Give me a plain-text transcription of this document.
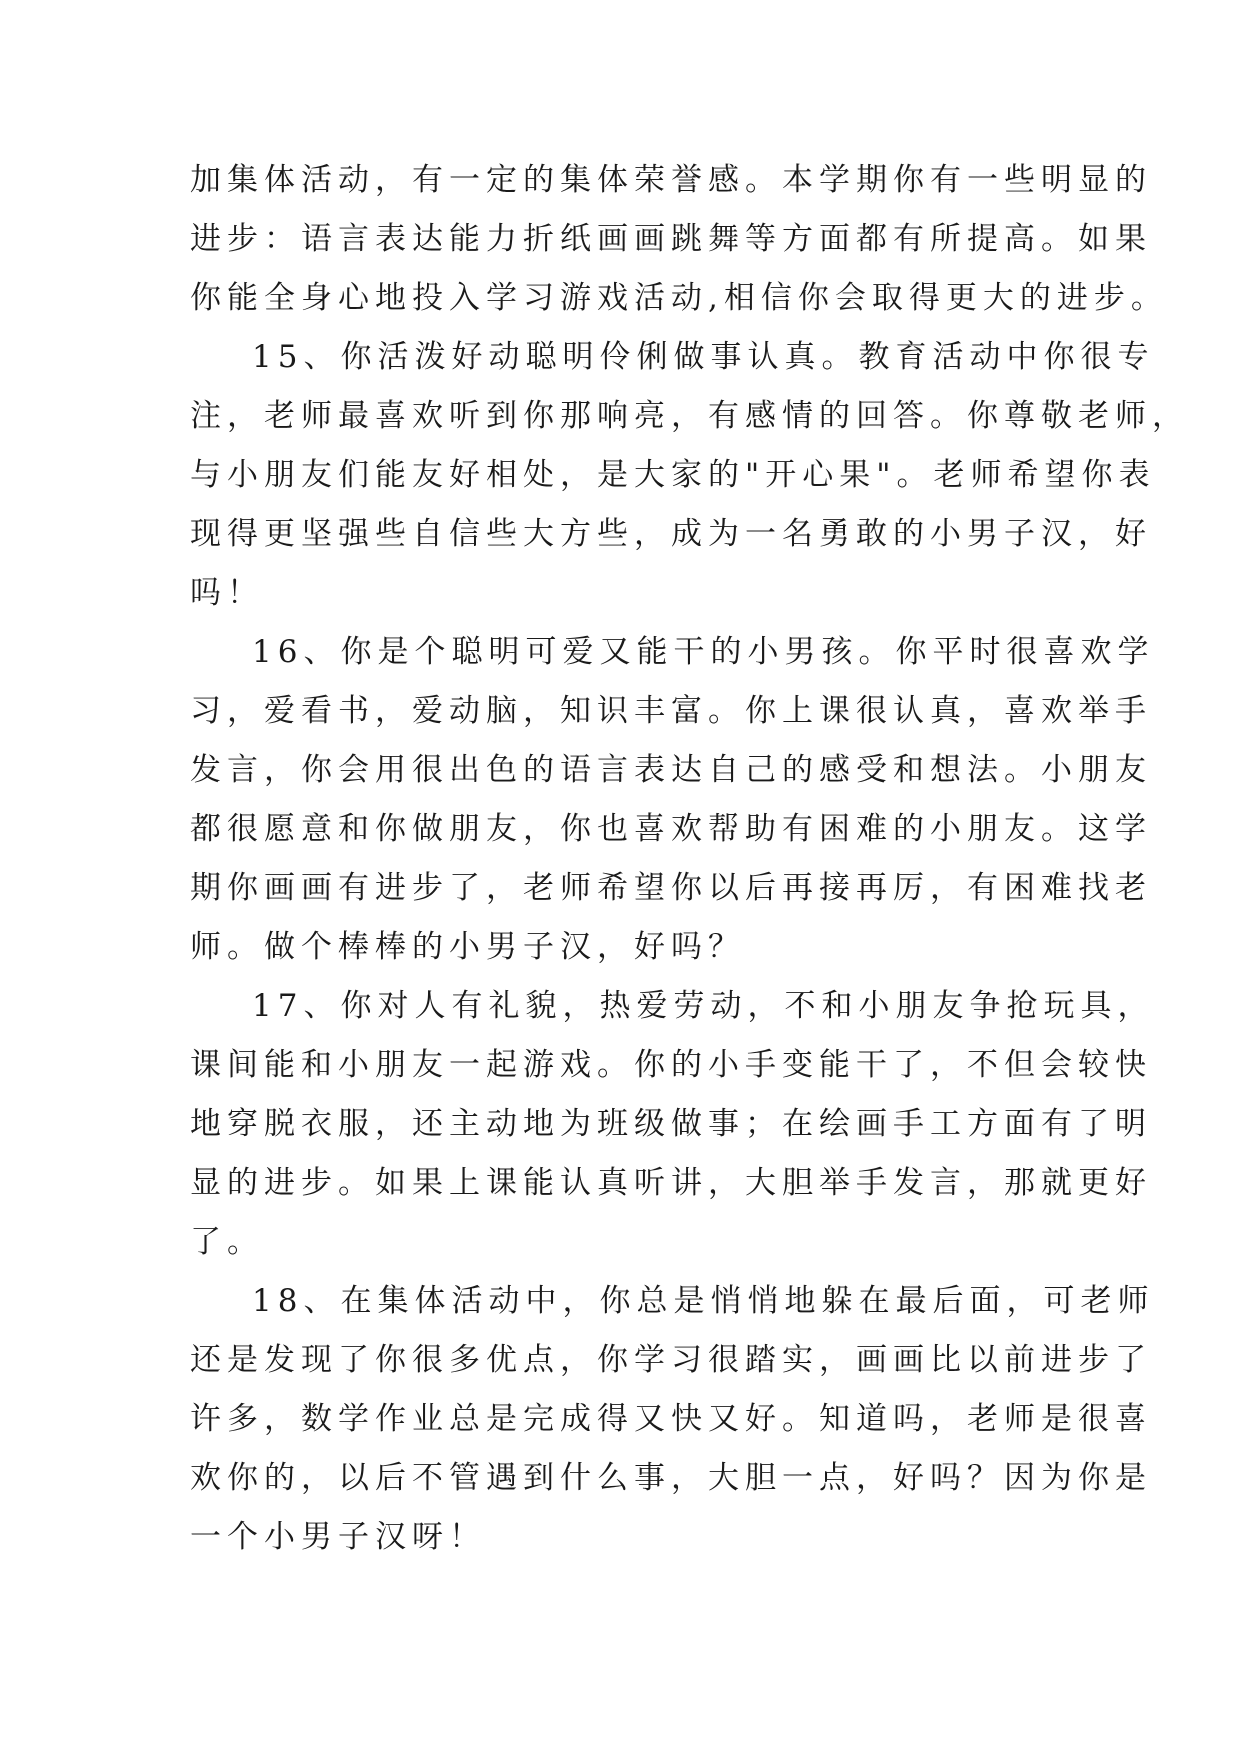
加集体活动，有一定的集体荣誉感。本学期你有一些明显的

进步：语言表达能力折纸画画跳舞等方面都有所提高。如果

你能全身心地投入学习游戏活动,相信你会取得更大的进步。

15、你活泼好动聪明伶俐做事认真。教育活动中你很专

注，老师最喜欢听到你那响亮，有感情的回答。你尊敬老师，

与小朋友们能友好相处，是大家的"开心果"。老师希望你表

现得更坚强些自信些大方些，成为一名勇敢的小男子汉，好

吗！

16、你是个聪明可爱又能干的小男孩。你平时很喜欢学

习，爱看书，爱动脑，知识丰富。你上课很认真，喜欢举手

发言，你会用很出色的语言表达自己的感受和想法。小朋友

都很愿意和你做朋友，你也喜欢帮助有困难的小朋友。这学

期你画画有进步了，老师希望你以后再接再厉，有困难找老

师。做个棒棒的小男子汉，好吗？

17、你对人有礼貌，热爱劳动，不和小朋友争抢玩具，

课间能和小朋友一起游戏。你的小手变能干了，不但会较快

地穿脱衣服，还主动地为班级做事；在绘画手工方面有了明

显的进步。如果上课能认真听讲，大胆举手发言，那就更好

了。

18、在集体活动中，你总是悄悄地躲在最后面，可老师

还是发现了你很多优点，你学习很踏实，画画比以前进步了

许多，数学作业总是完成得又快又好。知道吗，老师是很喜

欢你的，以后不管遇到什么事，大胆一点，好吗？因为你是

一个小男子汉呀！
